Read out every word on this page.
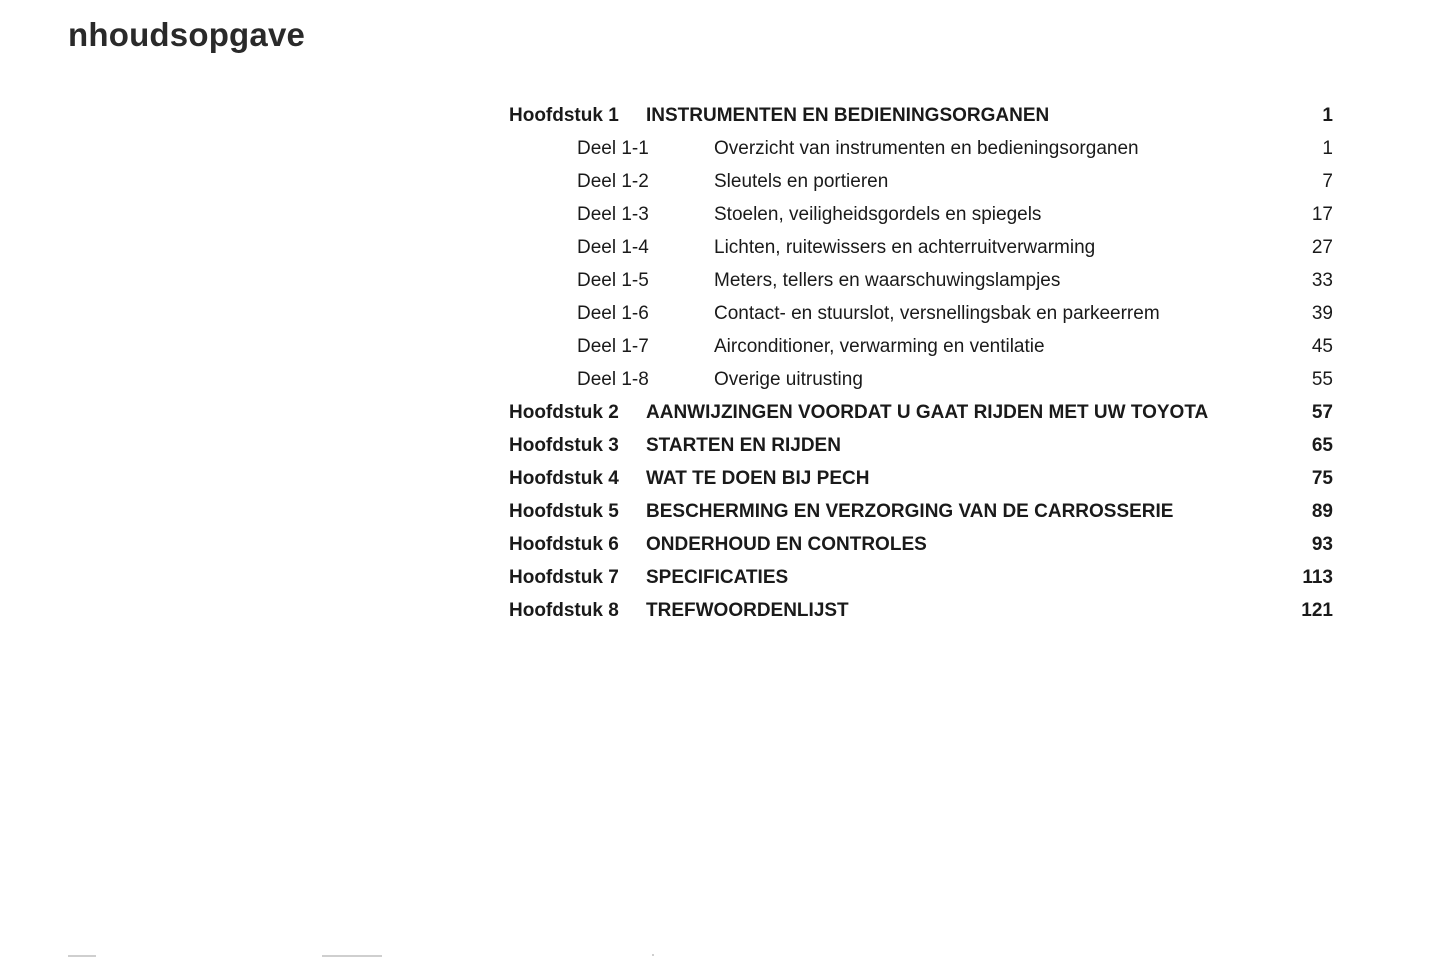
nhoudsopgave
Hoofdstuk 1 INSTRUMENTEN EN BEDIENINGSORGANEN	1
Deel 1-1	Overzicht van instrumenten en bedieningsorganen	1
Deel 1-2	Sleutels en portieren	7
Deel 1-3	Stoelen, veiligheidsgordels en spiegels	17
Deel 1-4	Lichten, ruitewissers en achterruitverwarming	27
Deel 1-5	Meters, tellers en waarschuwingslampjes	33
Deel 1-6	Contact- en stuurslot, versnellingsbak en parkeerrem	39
Deel 1-7	Airconditioner, verwarming en ventilatie	45
Deel 1-8	Overige uitrusting	55
Hoofdstuk 2 AANWIJZINGEN VOORDAT U GAAT RIJDEN MET UW TOYOTA	57
Hoofdstuk 3 STARTEN EN RIJDEN	65
Hoofdstuk 4 WAT TE DOEN BIJ PECH	75
Hoofdstuk 5 BESCHERMING EN VERZORGING VAN DE CARROSSERIE	89
Hoofdstuk 6 ONDERHOUD EN CONTROLES	93
Hoofdstuk 7 SPECIFICATIES	113
Hoofdstuk 8 TREFWOORDENLIJST	121
